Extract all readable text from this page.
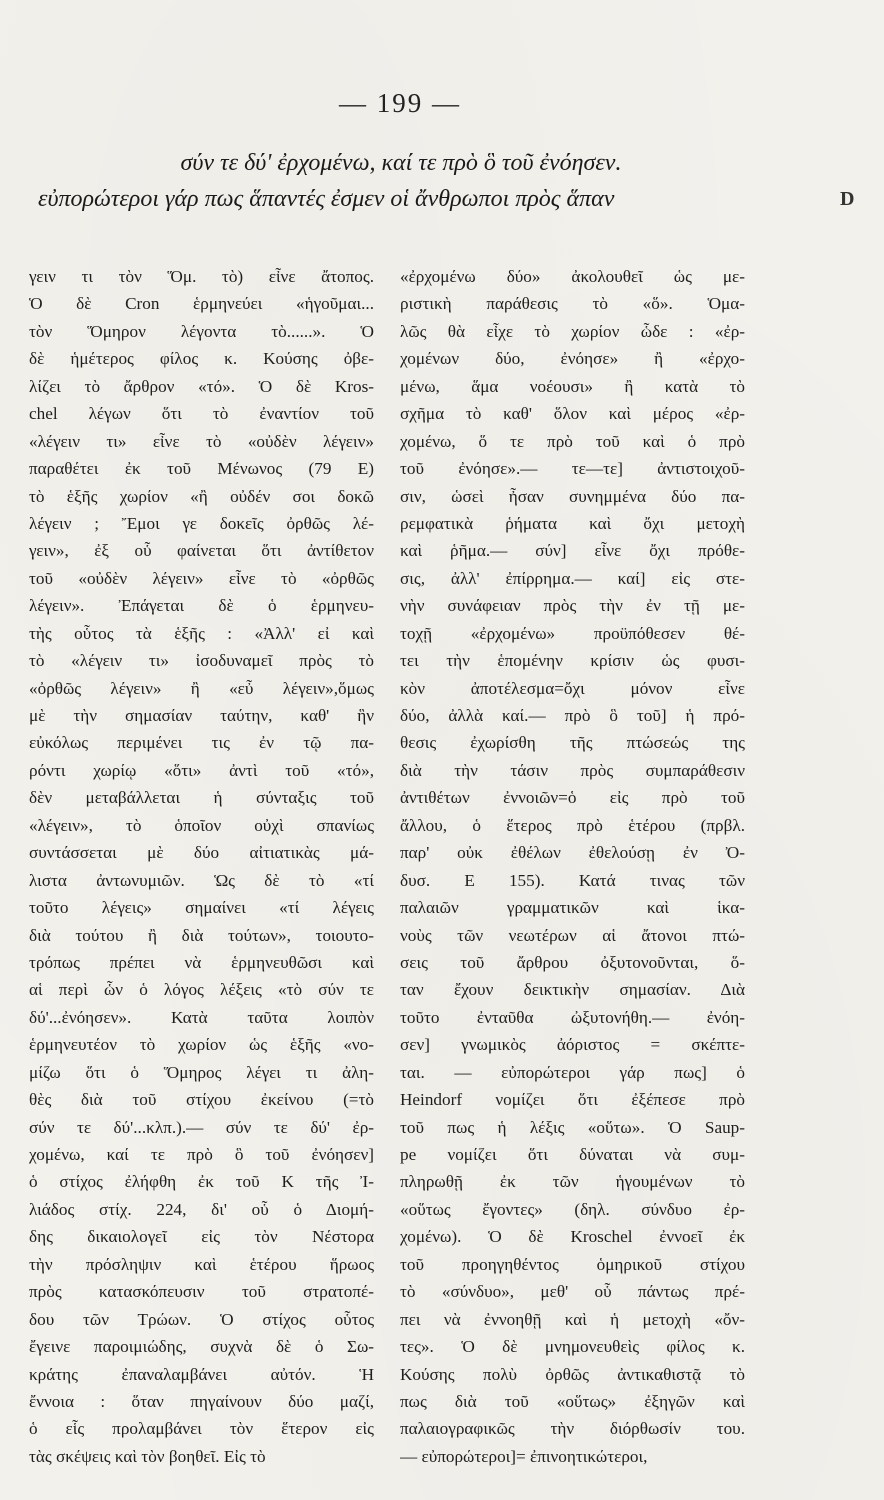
— 199 —
σύν τε δύ' ἐρχομένω, καί τε πρὸ ὃ τοῦ ἐνόησεν.
εὐπορώτεροι γάρ πως ἅπαντές ἐσμεν οἱ ἄνθρωποι πρὸς ἅπαν	D
γειν τι τὸν Ὅμ. τὸ) εἶνε ἄτοπος.
Ὁ δὲ Cron ἑρμηνεύει «ἡγοῦμαι...
τὸν Ὅμηρον λέγοντα τὸ......». Ὁ
δὲ ἡμέτερος φίλος κ. Κούσης ὀβε-
λίζει τὸ ἄρθρον «τό». Ὁ δὲ Kros-
chel λέγων ὅτι τὸ ἐναντίον τοῦ
«λέγειν τι» εἶνε τὸ «οὐδὲν λέγειν»
παραθέτει ἐκ τοῦ Μένωνος (79 E)
τὸ ἑξῆς χωρίον «ἢ οὐδέν σοι δοκῶ
λέγειν ; Ἔμοι γε δοκεῖς ὀρθῶς λέ-
γειν», ἐξ οὗ φαίνεται ὅτι ἀντίθετον
τοῦ «οὐδὲν λέγειν» εἶνε τὸ «ὀρθῶς
λέγειν». Ἐπάγεται δὲ ὁ ἑρμηνευ-
τὴς οὗτος τὰ ἑξῆς : «Ἀλλ' εἰ καὶ
τὸ «λέγειν τι» ἰσοδυναμεῖ πρὸς τὸ
«ὀρθῶς λέγειν» ἢ «εὖ λέγειν»,ὅμως
μὲ τὴν σημασίαν ταύτην, καθ' ἣν
εὐκόλως περιμένει τις ἐν τῷ πα-
ρόντι χωρίῳ «ὅτι» ἀντὶ τοῦ «τό»,
δὲν μεταβάλλεται ἡ σύνταξις τοῦ
«λέγειν», τὸ ὁποῖον οὐχὶ σπανίως
συντάσσεται μὲ δύο αἰτιατικὰς μά-
λιστα ἀντωνυμιῶν. Ὡς δὲ τὸ «τί
τοῦτο λέγεις» σημαίνει «τί λέγεις
διὰ τούτου ἢ διὰ τούτων», τοιουτο-
τρόπως πρέπει νὰ ἑρμηνευθῶσι καὶ
αἱ περὶ ὧν ὁ λόγος λέξεις «τὸ σύν τε
δύ'...ἐνόησεν». Κατὰ ταῦτα λοιπὸν
ἑρμηνευτέον τὸ χωρίον ὡς ἑξῆς «νο-
μίζω ὅτι ὁ Ὅμηρος λέγει τι ἀλη-
θὲς διὰ τοῦ στίχου ἐκείνου (=τὸ
σύν τε δύ'...κλπ.).— σύν τε δύ' ἐρ-
χομένω, καί τε πρὸ ὃ τοῦ ἐνόησεν]
ὁ στίχος ἐλήφθη ἐκ τοῦ Κ τῆς Ἰ-
λιάδος στίχ. 224, δι' οὗ ὁ Διομή-
δης δικαιολογεῖ εἰς τὸν Νέστορα
τὴν πρόσληψιν καὶ ἑτέρου ἥρωος
πρὸς κατασκόπευσιν τοῦ στρατοπέ-
δου τῶν Τρώων. Ὁ στίχος οὗτος
ἔγεινε παροιμιώδης, συχνὰ δὲ ὁ Σω-
κράτης ἐπαναλαμβάνει αὐτόν. Ἡ
ἔννοια : ὅταν πηγαίνουν δύο μαζί,
ὁ εἷς προλαμβάνει τὸν ἕτερον εἰς
τὰς σκέψεις καὶ τὸν βοηθεῖ. Εἰς τὸ
«ἐρχομένω δύο» ἀκολουθεῖ ὡς με-
ριστικὴ παράθεσις τὸ «ὅ». Ὁμα-
λῶς θὰ εἶχε τὸ χωρίον ὧδε : «ἐρ-
χομένων δύο, ἐνόησε» ἢ «ἐρχο-
μένω, ἅμα νοέουσι» ἢ κατὰ τὸ
σχῆμα τὸ καθ' ὅλον καὶ μέρος «ἐρ-
χομένω, ὅ τε πρὸ τοῦ καὶ ὁ πρὸ
τοῦ ἐνόησε».— τε—τε] ἀντιστοιχοῦ-
σιν, ὡσεὶ ἦσαν συνημμένα δύο πα-
ρεμφατικὰ ῥήματα καὶ ὄχι μετοχὴ
καὶ ῥῆμα.— σύν] εἶνε ὄχι πρόθε-
σις, ἀλλ' ἐπίρρημα.— καί] εἰς στε-
νὴν συνάφειαν πρὸς τὴν ἐν τῇ με-
τοχῇ «ἐρχομένω» προϋπόθεσεν θέ-
τει τὴν ἑπομένην κρίσιν ὡς φυσι-
κὸν ἀποτέλεσμα=ὄχι μόνον εἶνε
δύο, ἀλλὰ καί.— πρὸ ὃ τοῦ] ἡ πρό-
θεσις ἐχωρίσθη τῆς πτώσεώς της
διὰ τὴν τάσιν πρὸς συμπαράθεσιν
ἀντιθέτων ἐννοιῶν=ὁ εἰς πρὸ τοῦ
ἄλλου, ὁ ἕτερος πρὸ ἑτέρου (πρβλ.
παρ' οὐκ ἐθέλων ἐθελούσῃ ἐν Ὀ-
δυσ. Ε 155). Κατά τινας τῶν
παλαιῶν γραμματικῶν καὶ ἱκα-
νοὺς τῶν νεωτέρων αἱ ἄτονοι πτώ-
σεις τοῦ ἄρθρου ὀξυτονοῦνται, ὅ-
ταν ἔχουν δεικτικὴν σημασίαν. Διὰ
τοῦτο ἐνταῦθα ὠξυτονήθη.— ἐνόη-
σεν] γνωμικὸς ἀόριστος = σκέπτε-
ται. — εὐπορώτεροι γάρ πως] ὁ
Heindorf νομίζει ὅτι ἐξέπεσε πρὸ
τοῦ πως ἡ λέξις «οὕτω». Ὁ Saup-
pe νομίζει ὅτι δύναται νὰ συμ-
πληρωθῇ ἐκ τῶν ἡγουμένων τὸ
«οὕτως ἔγοντες» (δηλ. σύνδυο ἐρ-
χομένω). Ὁ δὲ Kroschel ἐννοεῖ ἐκ
τοῦ προηγηθέντος ὁμηρικοῦ στίχου
τὸ «σύνδυο», μεθ' οὗ πάντως πρέ-
πει νὰ ἐννοηθῇ καὶ ἡ μετοχὴ «ὄν-
τες». Ὁ δὲ μνημονευθεὶς φίλος κ.
Κούσης πολὺ ὀρθῶς ἀντικαθιστᾷ τὸ
πως διὰ τοῦ «οὕτως» ἐξηγῶν καὶ
παλαιογραφικῶς τὴν διόρθωσίν του.
— εὐπορώτεροι]= ἐπινοητικώτεροι,
